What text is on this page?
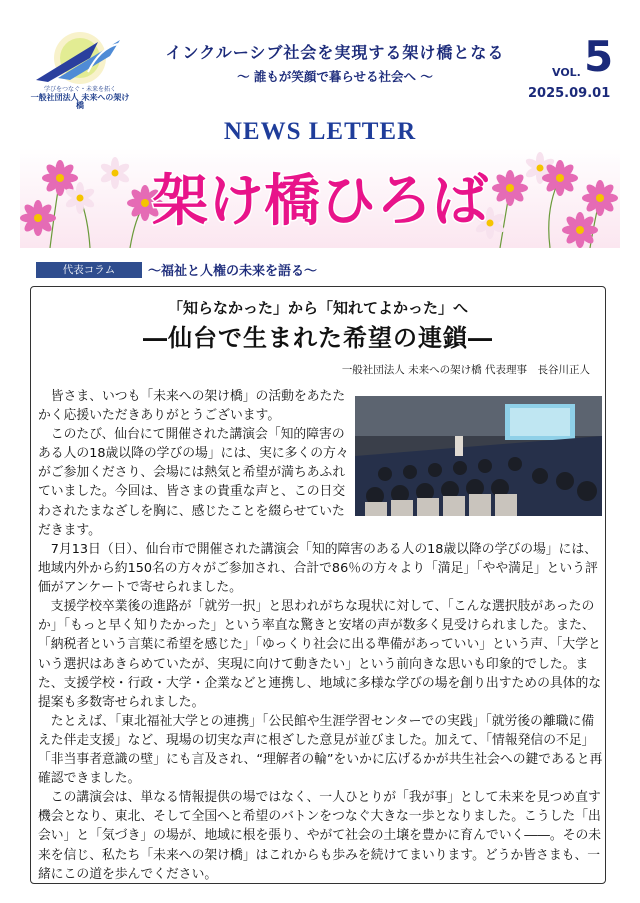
学びをつなぐ・未来を拓く
一般社団法人 未来への架け橋
インクルーシブ社会を実現する架け橋となる
～ 誰もが笑顔で暮らせる社会へ ～	VOL. 5
2025.09.01
NEWS LETTER
架け橋ひろば
代表コラム	～福祉と人権の未来を語る～
「知らなかった」から「知れてよかった」へ
―仙台で生まれた希望の連鎖―
一般社団法人 未来への架け橋 代表理事　長谷川正人

皆さま、いつも「未来への架け橋」の活動をあたたかく応援いただきありがとうございます。

このたび、仙台にて開催された講演会「知的障害のある人の18歳以降の学びの場」には、実に多くの方々がご参加くださり、会場には熱気と希望が満ちあふれていました。今回は、皆さまの貴重な声と、この日交わされたまなざしを胸に、感じたことを綴らせていただきます。

7月13日（日）、仙台市で開催された講演会「知的障害のある人の18歳以降の学びの場」には、地域内外から約150名の方々がご参加され、合計で86％の方々より「満足」「やや満足」という評価がアンケートで寄せられました。

支援学校卒業後の進路が「就労一択」と思われがちな現状に対して、「こんな選択肢があったのか」「もっと早く知りたかった」という率直な驚きと安堵の声が数多く見受けられました。また、「納税者という言葉に希望を感じた」「ゆっくり社会に出る準備があっていい」という声、「大学という選択はあきらめていたが、実現に向けて動きたい」という前向きな思いも印象的でした。また、支援学校・行政・大学・企業などと連携し、地域に多様な学びの場を創り出すための具体的な提案も多数寄せられました。

たとえば、「東北福祉大学との連携」「公民館や生涯学習センターでの実践」「就労後の離職に備えた伴走支援」など、現場の切実な声に根ざした意見が並びました。加えて、「情報発信の不足」「非当事者意識の壁」にも言及され、“理解者の輪”をいかに広げるかが共生社会への鍵であると再確認できました。

この講演会は、単なる情報提供の場ではなく、一人ひとりが「我が事」として未来を見つめ直す機会となり、東北、そして全国へと希望のバトンをつなぐ大きな一歩となりました。こうした「出会い」と「気づき」の場が、地域に根を張り、やがて社会の土壌を豊かに育んでいく――。その未来を信じ、私たち「未来への架け橋」はこれからも歩みを続けてまいります。どうか皆さまも、一緒にこの道を歩んでください。
